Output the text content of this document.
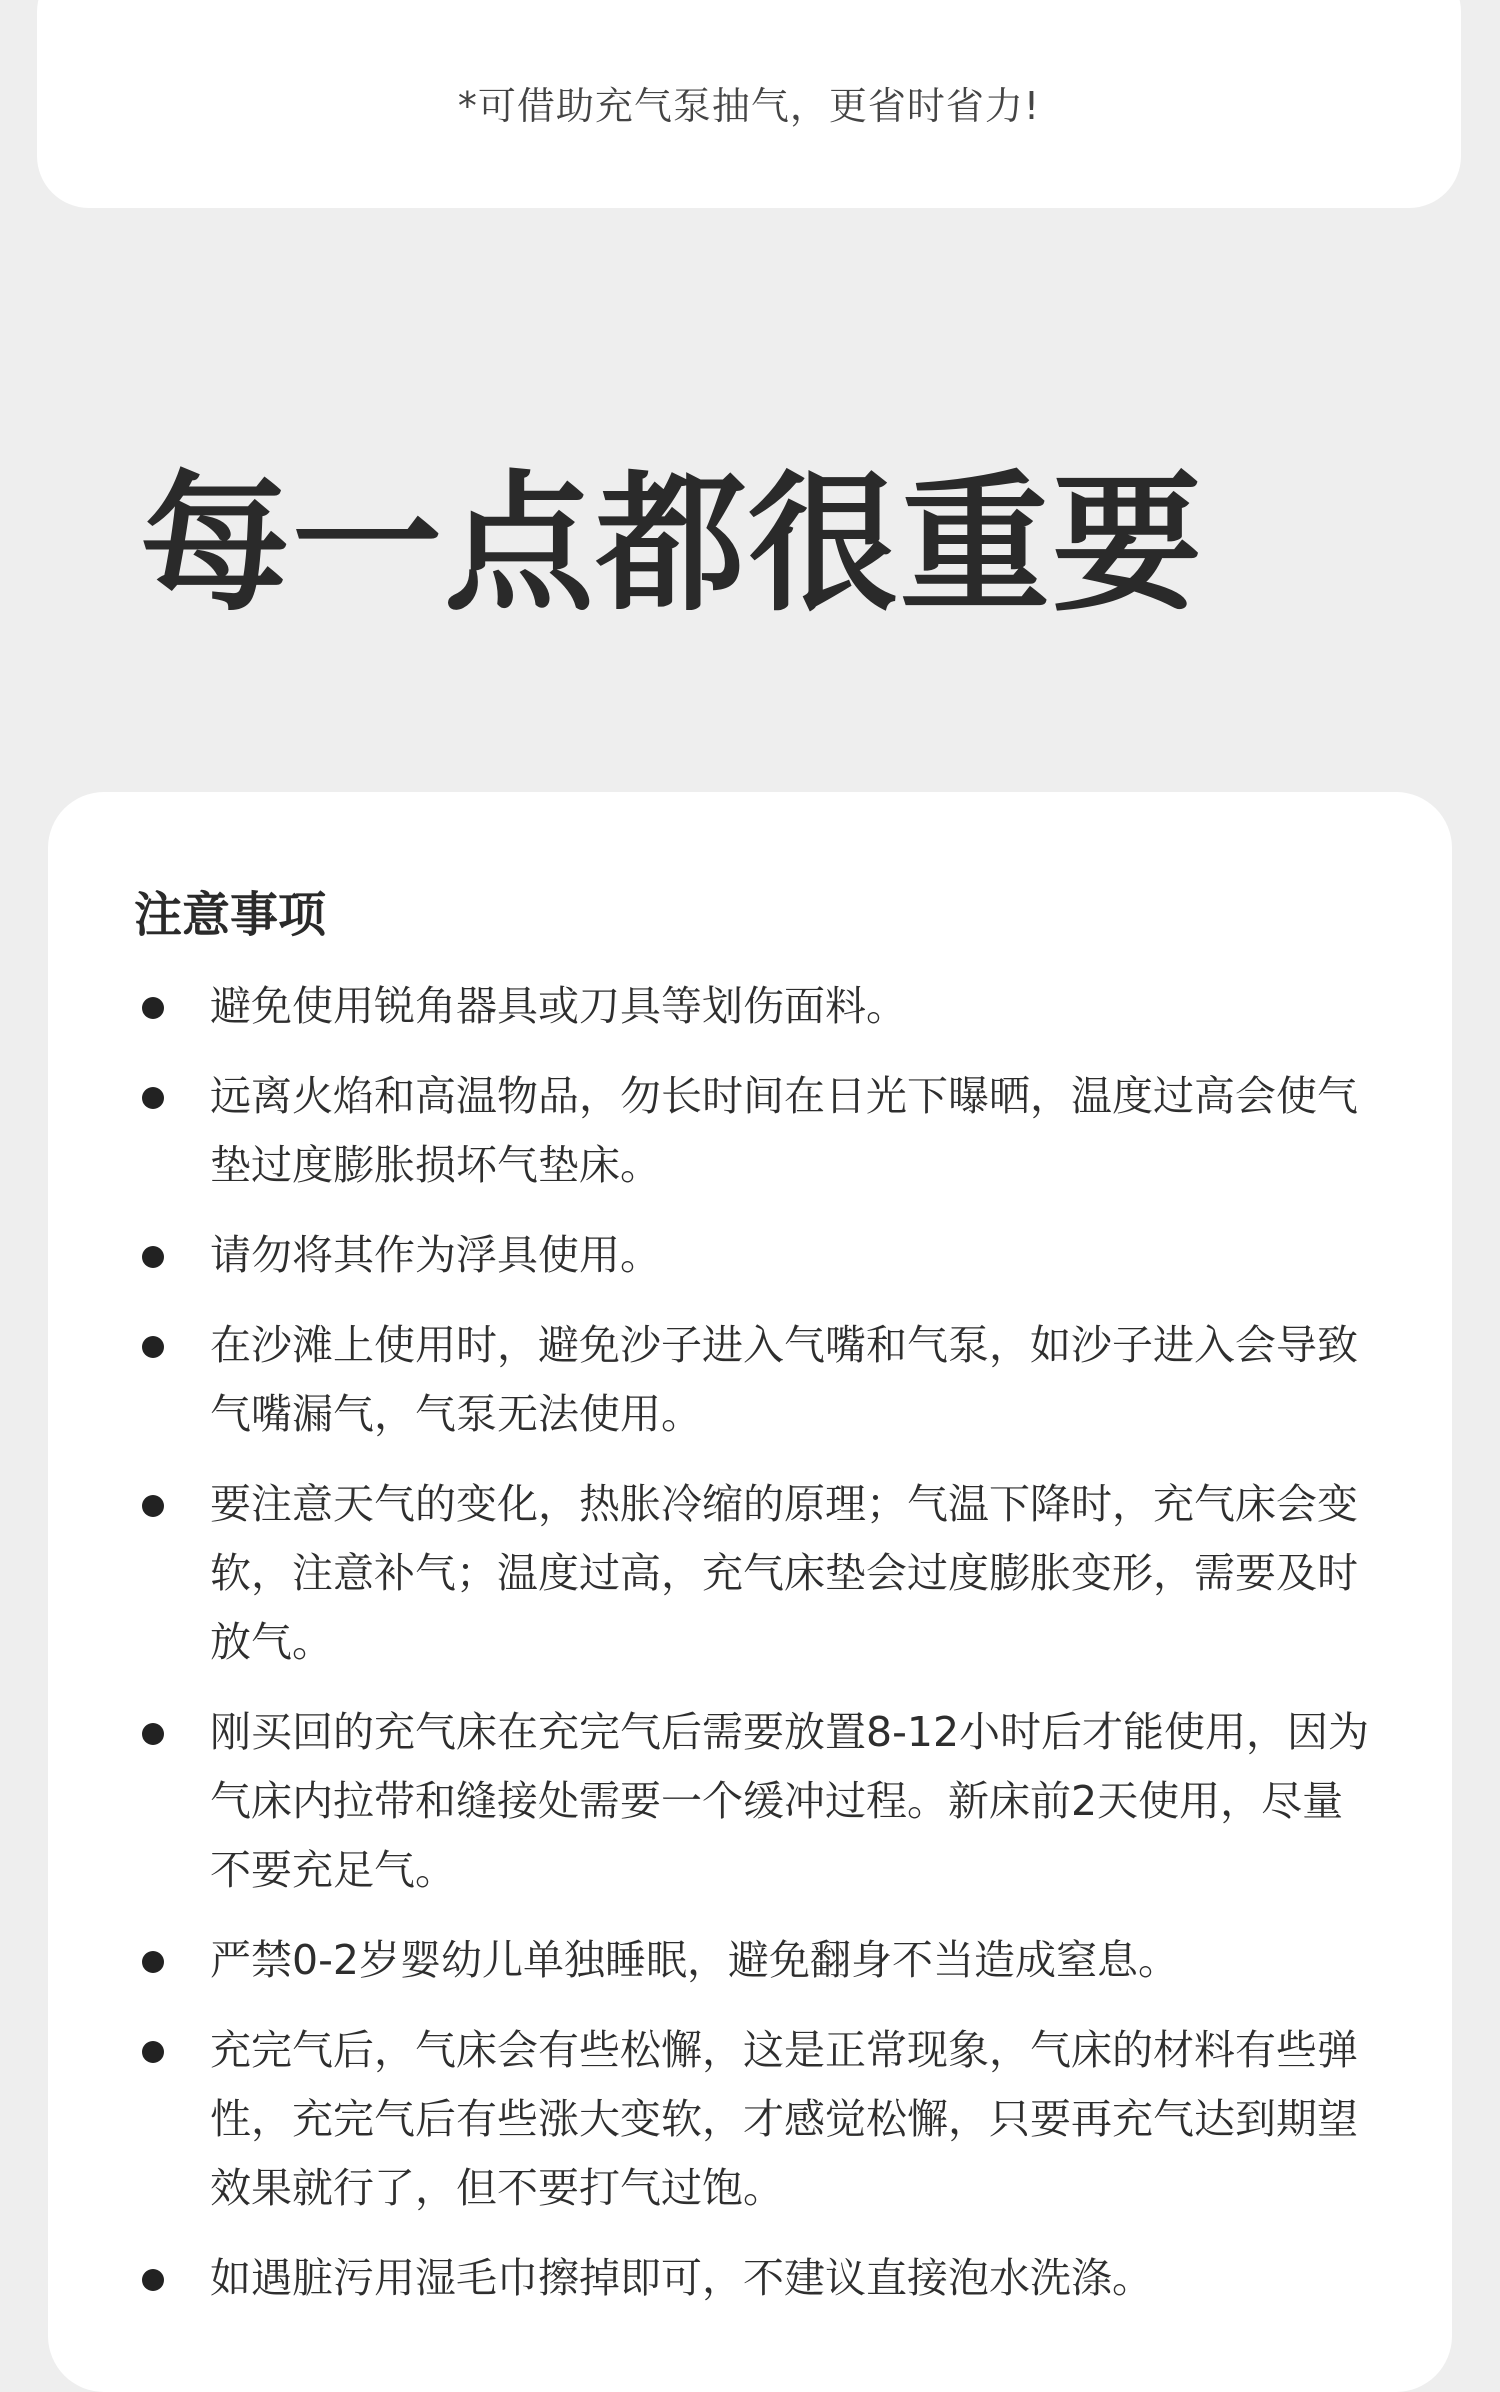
*可借助充气泵抽气，更省时省力!
每一点都很重要
注意事项
避免使用锐角器具或刀具等划伤面料。
远离火焰和高温物品，勿长时间在日光下曝晒，温度过高会使气垫过度膨胀损坏气垫床。
请勿将其作为浮具使用。
在沙滩上使用时，避免沙子进入气嘴和气泵，如沙子进入会导致气嘴漏气，气泵无法使用。
要注意天气的变化，热胀冷缩的原理；气温下降时，充气床会变软，注意补气；温度过高，充气床垫会过度膨胀变形，需要及时放气。
刚买回的充气床在充完气后需要放置8-12小时后才能使用，因为气床内拉带和缝接处需要一个缓冲过程。新床前2天使用，尽量不要充足气。
严禁0-2岁婴幼儿单独睡眠，避免翻身不当造成窒息。
充完气后，气床会有些松懈，这是正常现象，气床的材料有些弹性，充完气后有些涨大变软，才感觉松懈，只要再充气达到期望效果就行了，但不要打气过饱。
如遇脏污用湿毛巾擦掉即可，不建议直接泡水洗涤。
